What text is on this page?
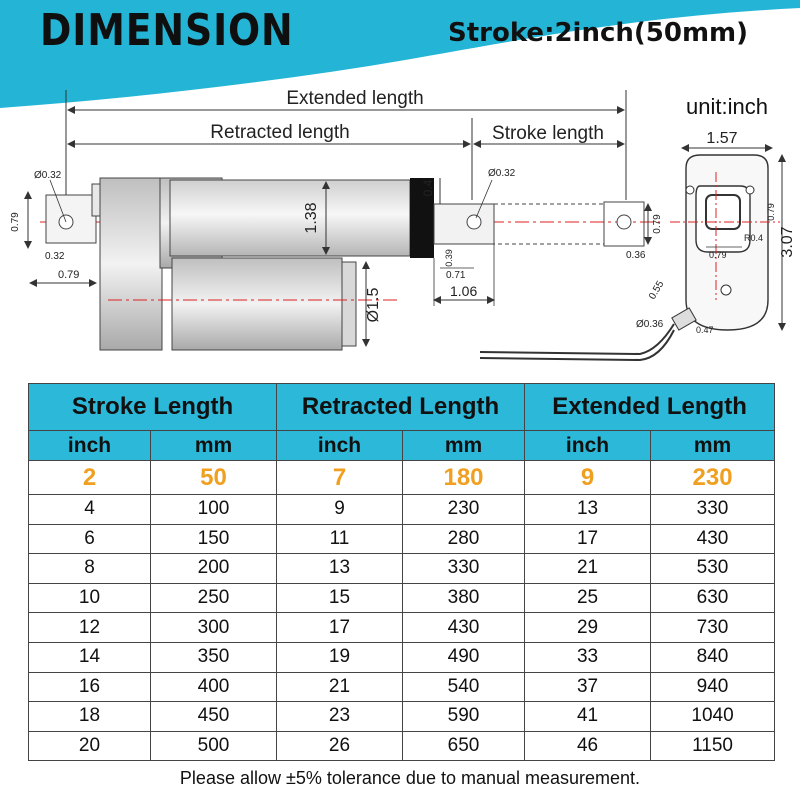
DIMENSION	Stroke:2inch(50mm)
unit:inch
Extended length
Retracted length	Stroke length
0.79
Ø0.32
0.32
0.79
1.38
0.4
Ø0.32
Ø1.5
0.39
0.71
1.06
0.79
0.36
1.57
0.79
0.79
R0.4 3.07
0.55
Ø0.36	0.47
Stroke Length		Retracted Length		Extended Length	
inch	mm	inch	mm	inch	mm
2	50	7	180	9	230
4	100	9	230	13	330
6	150	11	280	17	430
8	200	13	330	21	530
10	250	15	380	25	630
12	300	17	430	29	730
14	350	19	490	33	840
16	400	21	540	37	940
18	450	23	590	41	1040
20	500	26	650	46	1150
Please allow ±5% tolerance due to manual measurement.
